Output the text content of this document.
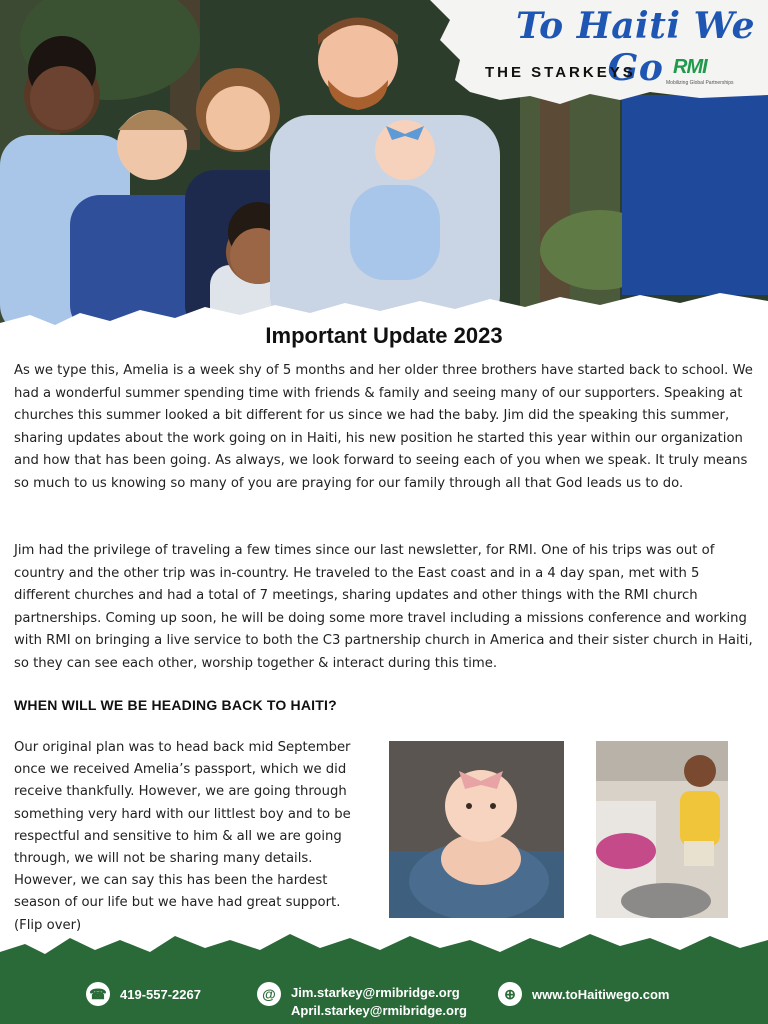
To Haiti We Go
THE STARKEYS RMI
Mobilizing Global Partnerships
Important Update 2023

As we type this, Amelia is a week shy of 5 months and her older three brothers have started back to school. We had a wonderful summer spending time with friends & family and seeing many of our supporters. Speaking at churches this summer looked a bit different for us since we had the baby. Jim did the speaking this summer, sharing updates about the work going on in Haiti, his new position he started this year within our organization and how that has been going. As always, we look forward to seeing each of you when we speak. It truly means so much to us knowing so many of you are praying for our family through all that God leads us to do.

Jim had the privilege of traveling a few times since our last newsletter, for RMI. One of his trips was out of country and the other trip was in-country. He traveled to the East coast and in a 4 day span, met with 5 different churches and had a total of 7 meetings, sharing updates and other things with the RMI church partnerships. Coming up soon, he will be doing some more travel including a missions conference and working with RMI on bringing a live service to both the C3 partnership church in America and their sister church in Haiti, so they can see each other, worship together & interact during this time.

WHEN WILL WE BE HEADING BACK TO HAITI?

Our original plan was to head back mid September once we received Amelia’s passport, which we did receive thankfully. However, we are going through something very hard with our littlest boy and to be respectful and sensitive to him & all we are going through, we will not be sharing many details. However, we can say this has been the hardest season of our life but we have had great support. (Flip over)

☎ 419-557-2267	@	Jim.starkey@rmibridge.org
April.starkey@rmibridge.org
⊕	www.toHaitiwego.com
